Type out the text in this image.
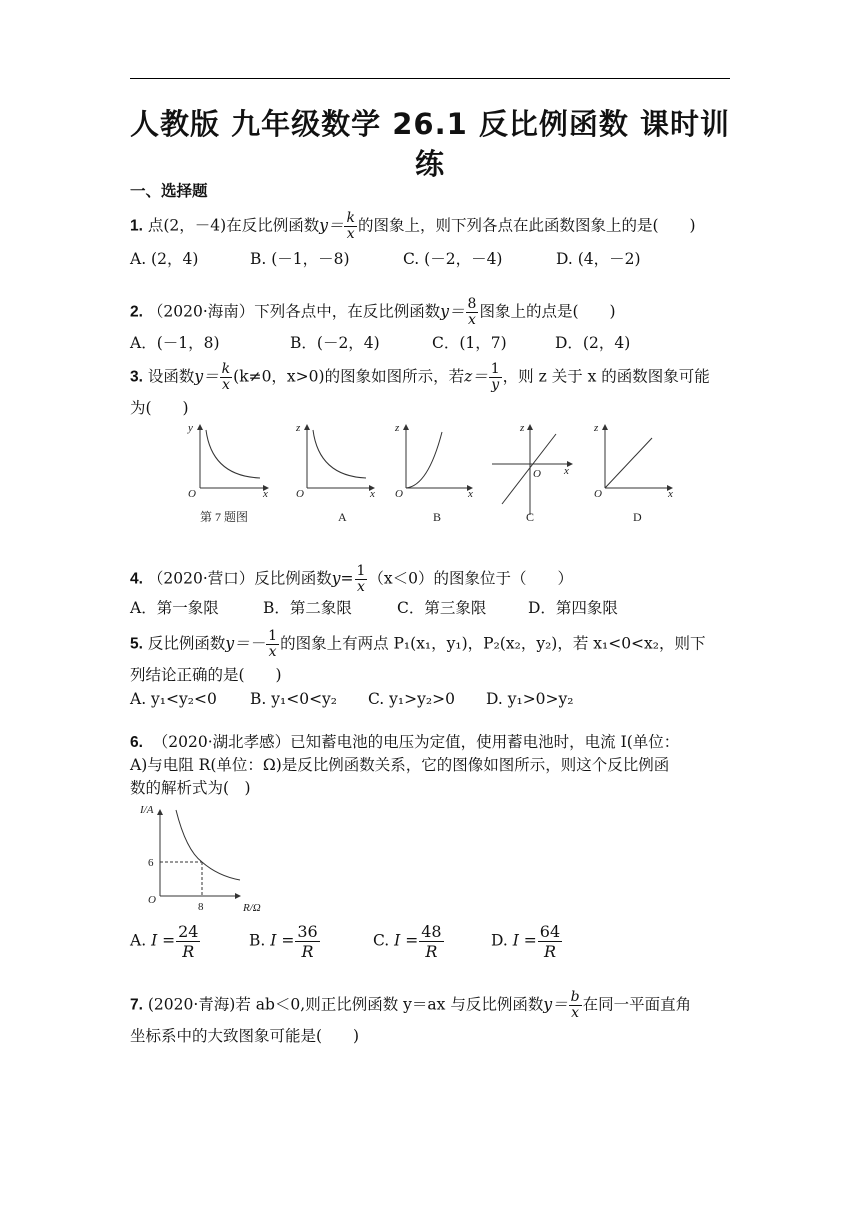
人教版 九年级数学 26.1 反比例函数 课时训
练
一、选择题
1. 点(2，－4)在反比例函数$y= \frac{k}{x}$ 的图象上，则下列各点在此函数图象上的是(　　)
A. (2，4)	B. (－1，－8)	C. (－2，－4)	D. (4，－2)
2. （2020·海南）下列各点中，在反比例函数$y= \frac{8}{x}$ 图象上的点是(　　)
A．(－1，8)	B．(－2，4)	C．(1，7)	D．(2，4)
3. 设函数$y= \frac{k}{x} (k\ne 0$，x>0)的图象如图所示，若$z= \frac{1}{y}$ ，则 z 关于 x 的函数图象可能
为(　　)
y
O	x
z
O	x
z
O	x
z
O x
z
O	x
第 7 题图	A	B	C	D
4. （2020·营口）反比例函数$y= \frac{1}{x} (x<0)$的图象位于（　　）
A．第一象限	B．第二象限	C．第三象限	D．第四象限
5. 反比例函数$y=- \frac{1}{x}$ 的图象上有两点 P₁(x₁，y₁)，P₂(x₂，y₂)，若 x₁<0<x₂，则下
列结论正确的是(　　)
A. y₁<y₂<0 B. y₁<0<y₂ C. y₁>y₂>0 D. y₁>0>y₂
6. （2020·湖北孝感）已知蓄电池的电压为定值，使用蓄电池时，电流 I(单位：
A)与电阻 R(单位：Ω)是反比例函数关系，它的图像如图所示，则这个反比例函
数的解析式为(　)
I/A
6
O
8	R/Ω
A. $I = \frac{24}{R}$	B. $I = \frac{36}{R}$	C. $I = \frac{48}{R}$	D. $I = \frac{64}{R}$
7. (2020·青海)若 ab＜0,则正比例函数 y＝ax 与反比例函数$y= \frac{b}{x}$ 在同一平面直角
坐标系中的大致图象可能是(　　)
